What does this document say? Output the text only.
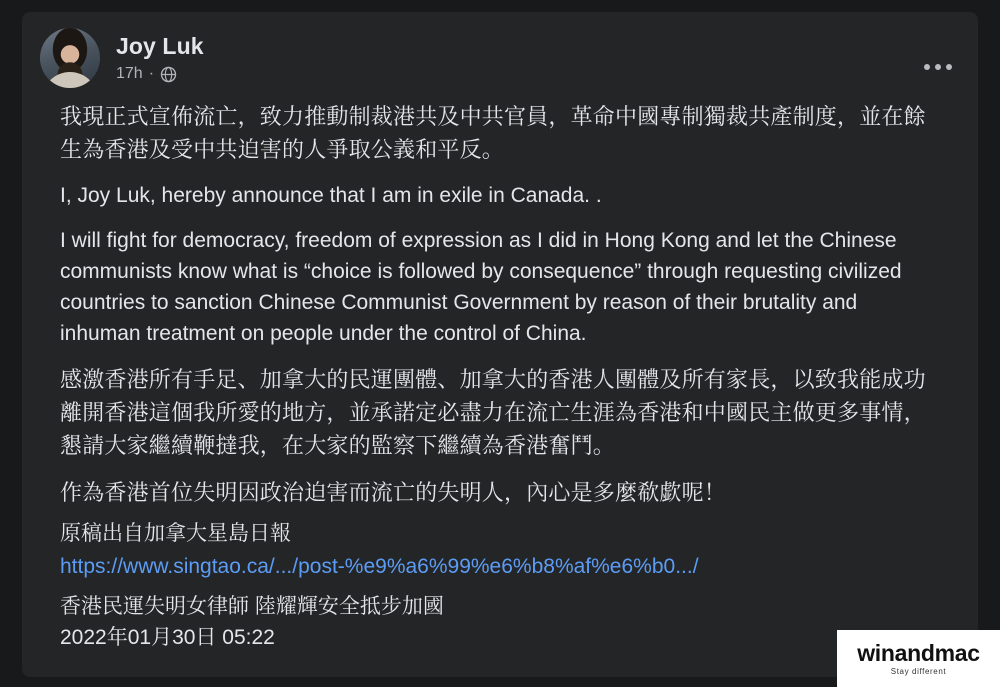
Joy Luk
17h ·

我現正式宣佈流亡，致力推動制裁港共及中共官員，革命中國專制獨裁共產制度，並在餘生為香港及受中共迫害的人爭取公義和平反。

I, Joy Luk, hereby announce that I am in exile in Canada. .

I will fight for democracy, freedom of expression as I did in Hong Kong and let the Chinese communists know what is “choice is followed by consequence” through requesting civilized countries to sanction Chinese Communist Government by reason of their brutality and inhuman treatment on people under the control of China.

感激香港所有手足、加拿大的民運團體、加拿大的香港人團體及所有家長，以致我能成功離開香港這個我所愛的地方，並承諾定必盡力在流亡生涯為香港和中國民主做更多事情，懇請大家繼續鞭撻我，在大家的監察下繼續為香港奮鬥。

作為香港首位失明因政治迫害而流亡的失明人，內心是多麼欷歔呢！

原稿出自加拿大星島日報

https://www.singtao.ca/.../post-%e9%a6%99%e6%b8%af%e6%b0.../

香港民運失明女律師 陸耀輝安全抵步加國

2022年01月30日 05:22

winandmac
Stay different
